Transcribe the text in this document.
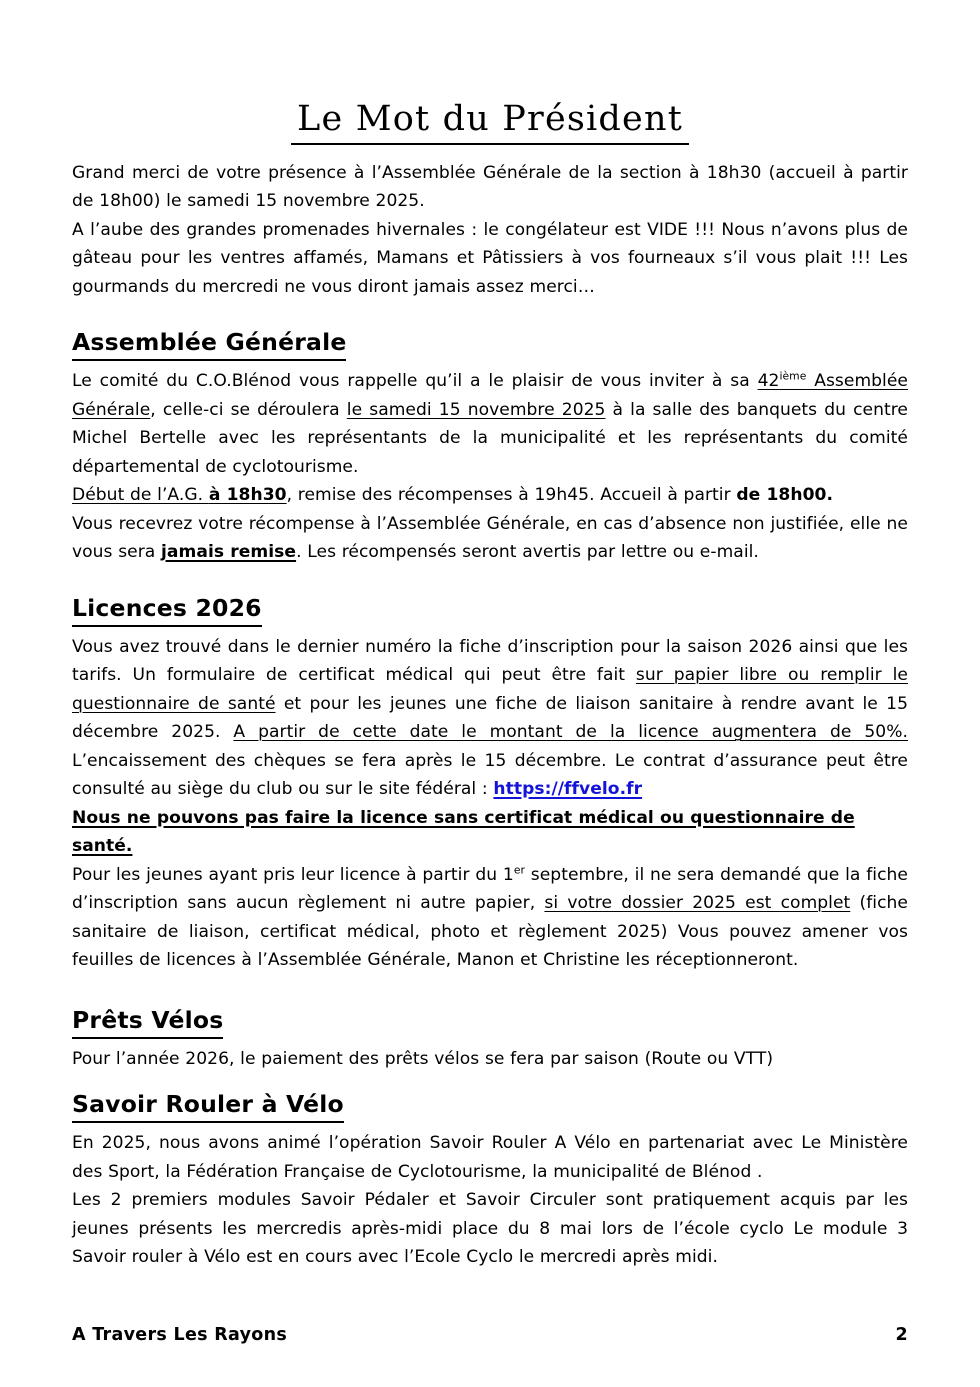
Le Mot du Président

Grand merci de votre présence à l’Assemblée Générale de la section à 18h30 (accueil à partir de 18h00) le samedi 15 novembre 2025.

A l’aube des grandes promenades hivernales : le congélateur est VIDE !!! Nous n’avons plus de gâteau pour les ventres affamés, Mamans et Pâtissiers à vos fourneaux s’il vous plait !!! Les gourmands du mercredi ne vous diront jamais assez merci…

Assemblée Générale

Le comité du C.O.Blénod vous rappelle qu’il a le plaisir de vous inviter à sa 42ième Assemblée Générale, celle-ci se déroulera le samedi 15 novembre 2025 à la salle des banquets du centre Michel Bertelle avec les représentants de la municipalité et les représentants du comité départemental de cyclotourisme.

Début de l’A.G. à 18h30, remise des récompenses à 19h45. Accueil à partir de 18h00.

Vous recevrez votre récompense à l’Assemblée Générale, en cas d’absence non justifiée, elle ne vous sera jamais remise. Les récompensés seront avertis par lettre ou e-mail.

Licences 2026

Vous avez trouvé dans le dernier numéro la fiche d’inscription pour la saison 2026 ainsi que les tarifs. Un formulaire de certificat médical qui peut être fait sur papier libre ou remplir le questionnaire de santé et pour les jeunes une fiche de liaison sanitaire à rendre avant le 15 décembre 2025. A partir de cette date le montant de la licence augmentera de 50%. L’encaissement des chèques se fera après le 15 décembre. Le contrat d’assurance peut être consulté au siège du club ou sur le site fédéral : https://ffvelo.fr

Nous ne pouvons pas faire la licence sans certificat médical ou questionnaire de santé.

Pour les jeunes ayant pris leur licence à partir du 1er septembre, il ne sera demandé que la fiche d’inscription sans aucun règlement ni autre papier, si votre dossier 2025 est complet (fiche sanitaire de liaison, certificat médical, photo et règlement 2025) Vous pouvez amener vos feuilles de licences à l’Assemblée Générale, Manon et Christine les réceptionneront.

Prêts Vélos

Pour l’année 2026, le paiement des prêts vélos se fera par saison (Route ou VTT)

Savoir Rouler à Vélo

En 2025, nous avons animé l’opération Savoir Rouler A Vélo en partenariat avec Le Ministère des Sport, la Fédération Française de Cyclotourisme, la municipalité de Blénod .

Les 2 premiers modules Savoir Pédaler et Savoir Circuler sont pratiquement acquis par les jeunes présents les mercredis après-midi place du 8 mai lors de l’école cyclo Le module 3 Savoir rouler à Vélo est en cours avec l’Ecole Cyclo le mercredi après midi.

A Travers Les Rayons	2
